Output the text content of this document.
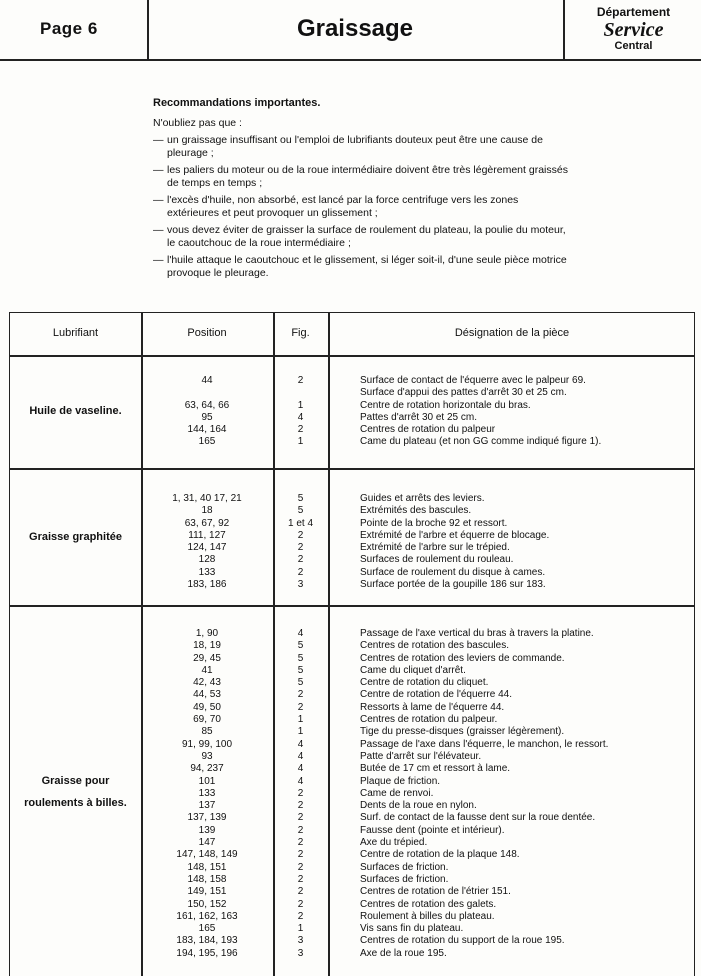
Page 6	Graissage
Département
Service
Central
Recommandations importantes.
N'oubliez pas que :
— un graissage insuffisant ou l'emploi de lubrifiants douteux peut être une cause de pleurage ;
— les paliers du moteur ou de la roue intermédiaire doivent être très légèrement graissés de temps en temps ;
— l'excès d'huile, non absorbé, est lancé par la force centrifuge vers les zones extérieures et peut provoquer un glissement ;
— vous devez éviter de graisser la surface de roulement du plateau, la poulie du moteur, le caoutchouc de la roue intermédiaire ;
— l'huile attaque le caoutchouc et le glissement, si léger soit-il, d'une seule pièce motrice provoque le pleurage.
Lubrifiant	Position	Fig.	Désignation de la pièce
Huile de vaseline.
44	2	Surface de contact de l'équerre avec le palpeur 69.
Surface d'appui des pattes d'arrêt 30 et 25 cm.
63, 64, 66	1	Centre de rotation horizontale du bras.
95	4	Pattes d'arrêt 30 et 25 cm.
144, 164	2	Centres de rotation du palpeur
165	1	Came du plateau (et non GG comme indiqué figure 1).
Graisse graphitée
1, 31, 40 17, 21	5	Guides et arrêts des leviers.
18	5	Extrémités des bascules.
63, 67, 92	1 et 4	Pointe de la broche 92 et ressort.
111, 127	2	Extrémité de l'arbre et équerre de blocage.
124, 147	2	Extrémité de l'arbre sur le trépied.
128	2	Surfaces de roulement du rouleau.
133	2	Surface de roulement du disque à cames.
183, 186	3	Surface portée de la goupille 186 sur 183.
Graisse pour
roulements à billes.
1, 90	4	Passage de l'axe vertical du bras à travers la platine.
18, 19	5	Centres de rotation des bascules.
29, 45	5	Centres de rotation des leviers de commande.
41	5	Came du cliquet d'arrêt.
42, 43	5	Centre de rotation du cliquet.
44, 53	2	Centre de rotation de l'équerre 44.
49, 50	2	Ressorts à lame de l'équerre 44.
69, 70	1	Centres de rotation du palpeur.
85	1	Tige du presse-disques (graisser légèrement).
91, 99, 100	4	Passage de l'axe dans l'équerre, le manchon, le ressort.
93	4	Patte d'arrêt sur l'élévateur.
94, 237	4	Butée de 17 cm et ressort à lame.
101	4	Plaque de friction.
133	2	Came de renvoi.
137	2	Dents de la roue en nylon.
137, 139	2	Surf. de contact de la fausse dent sur la roue dentée.
139	2	Fausse dent (pointe et intérieur).
147	2	Axe du trépied.
147, 148, 149	2	Centre de rotation de la plaque 148.
148, 151	2	Surfaces de friction.
148, 158	2	Surfaces de friction.
149, 151	2	Centres de rotation de l'étrier 151.
150, 152	2	Centres de rotation des galets.
161, 162, 163	2	Roulement à billes du plateau.
165	1	Vis sans fin du plateau.
183, 184, 193	3	Centres de rotation du support de la roue 195.
194, 195, 196	3	Axe de la roue 195.
